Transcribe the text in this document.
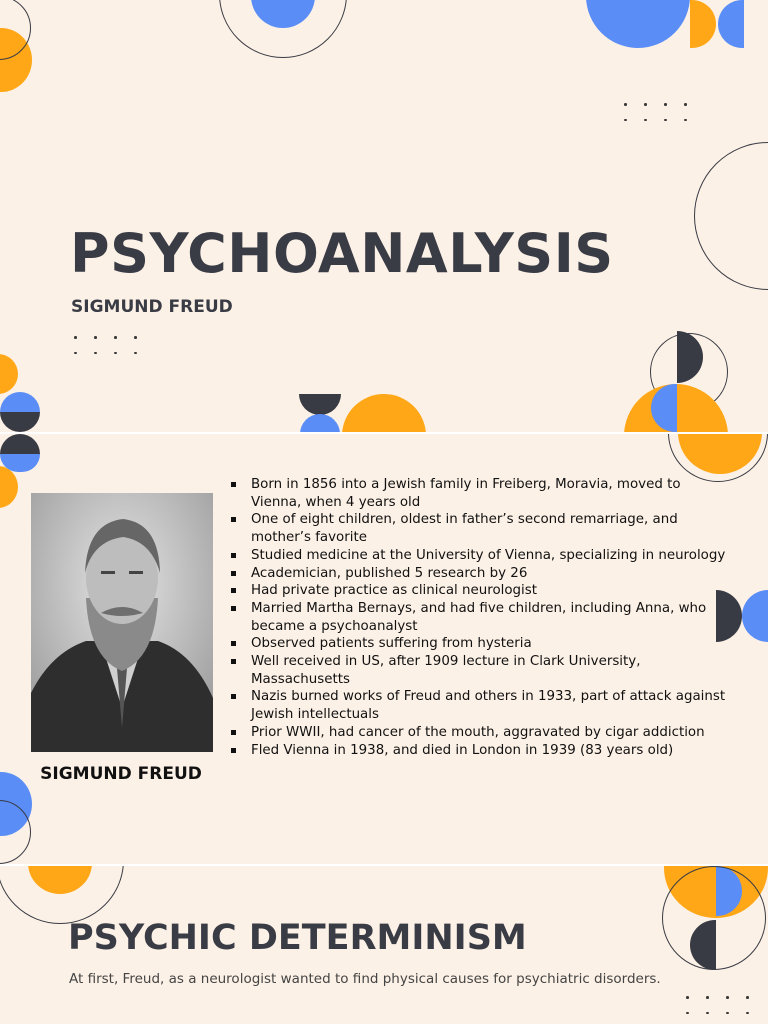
PSYCHOANALYSIS
SIGMUND FREUD
SIGMUND FREUD
Born in 1856 into a Jewish family in Freiberg, Moravia, moved to Vienna, when 4 years old
One of eight children, oldest in father’s second remarriage, and mother’s favorite
Studied medicine at the University of Vienna, specializing in neurology
Academician, published 5 research by 26
Had private practice as clinical neurologist
Married Martha Bernays, and had five children, including Anna, who became a psychoanalyst
Observed patients suffering from hysteria
Well received in US, after 1909 lecture in Clark University, Massachusetts
Nazis burned works of Freud and others in 1933, part of attack against Jewish intellectuals
Prior WWII, had cancer of the mouth, aggravated by cigar addiction
Fled Vienna in 1938, and died in London in 1939 (83 years old)
PSYCHIC DETERMINISM

At first, Freud, as a neurologist wanted to find physical causes for psychiatric disorders.
